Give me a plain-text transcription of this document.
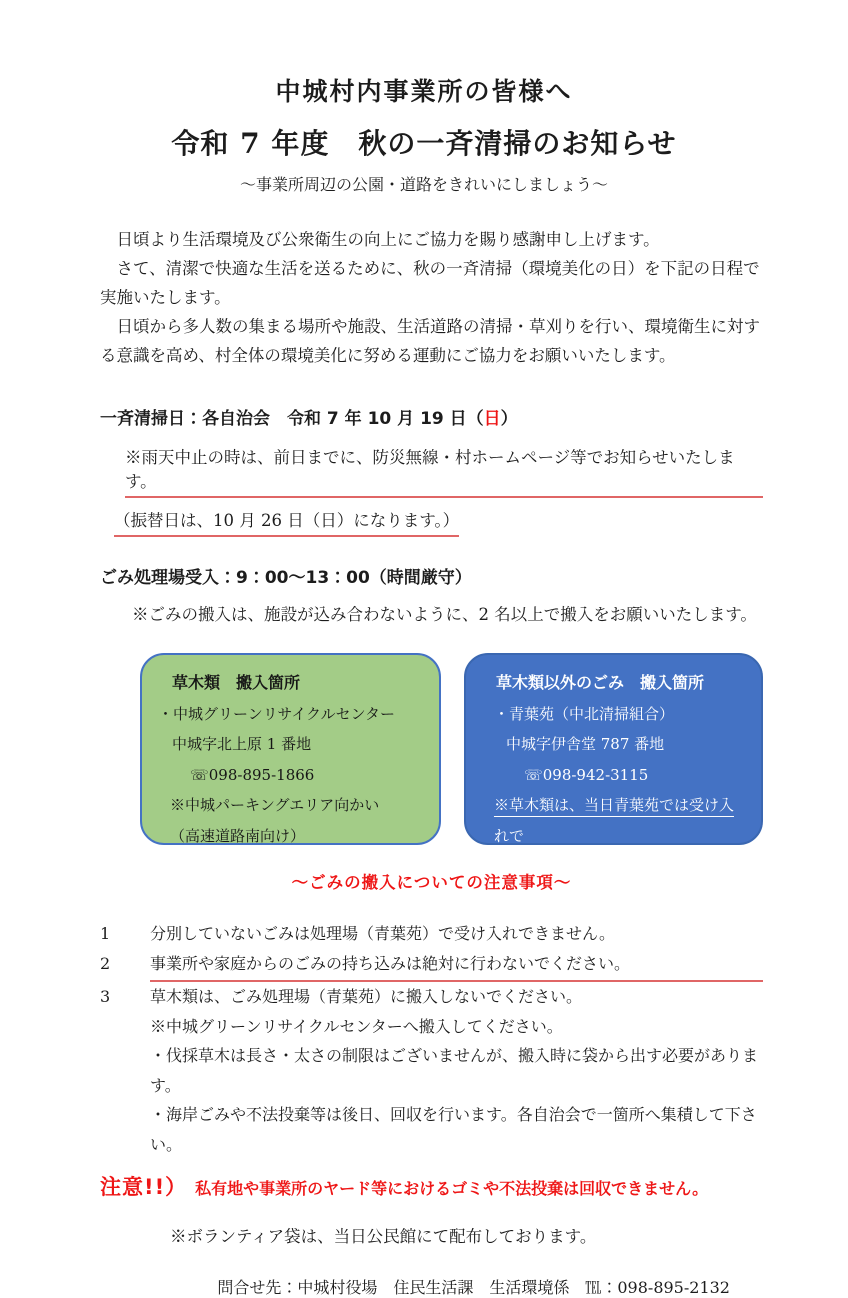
中城村内事業所の皆様へ
令和 7 年度　秋の一斉清掃のお知らせ

～事業所周辺の公園・道路をきれいにしましょう～

　日頃より生活環境及び公衆衛生の向上にご協力を賜り感謝申し上げます。

　さて、清潔で快適な生活を送るために、秋の一斉清掃（環境美化の日）を下記の日程で実施いたします。

　日頃から多人数の集まる場所や施設、生活道路の清掃・草刈りを行い、環境衛生に対する意識を高め、村全体の環境美化に努める運動にご協力をお願いいたします。

一斉清掃日：各自治会　令和 7 年 10 月 19 日（日）
※雨天中止の時は、前日までに、防災無線・村ホームページ等でお知らせいたします。
（振替日は、10 月 26 日（日）になります。）
ごみ処理場受入：9：00～13：00（時間厳守）
※ごみの搬入は、施設が込み合わないように、2 名以上で搬入をお願いいたします。
草木類　搬入箇所
・中城グリーンリサイクルセンター
中城字北上原 1 番地
☏098-895-1866
※中城パーキングエリア向かい
（高速道路南向け）
草木類以外のごみ　搬入箇所
・青葉苑（中北清掃組合）
中城字伊舎堂 787 番地
☏098-942-3115
※草木類は、当日青葉苑では受け入れで
きませんのでご注意ください！！
～ごみの搬入についての注意事項～
1	分別していないごみは処理場（青葉苑）で受け入れできません。
2	事業所や家庭からのごみの持ち込みは絶対に行わないでください。
3	草木類は、ごみ処理場（青葉苑）に搬入しないでください。
※中城グリーンリサイクルセンターへ搬入してください。
・伐採草木は長さ・太さの制限はございませんが、搬入時に袋から出す必要があります。
・海岸ごみや不法投棄等は後日、回収を行います。各自治会で一箇所へ集積して下さい。
注意!!） 私有地や事業所のヤード等におけるゴミや不法投棄は回収できません。
※ボランティア袋は、当日公民館にて配布しております。
問合せ先：中城村役場　住民生活課　生活環境係　℡：098-895-2132
